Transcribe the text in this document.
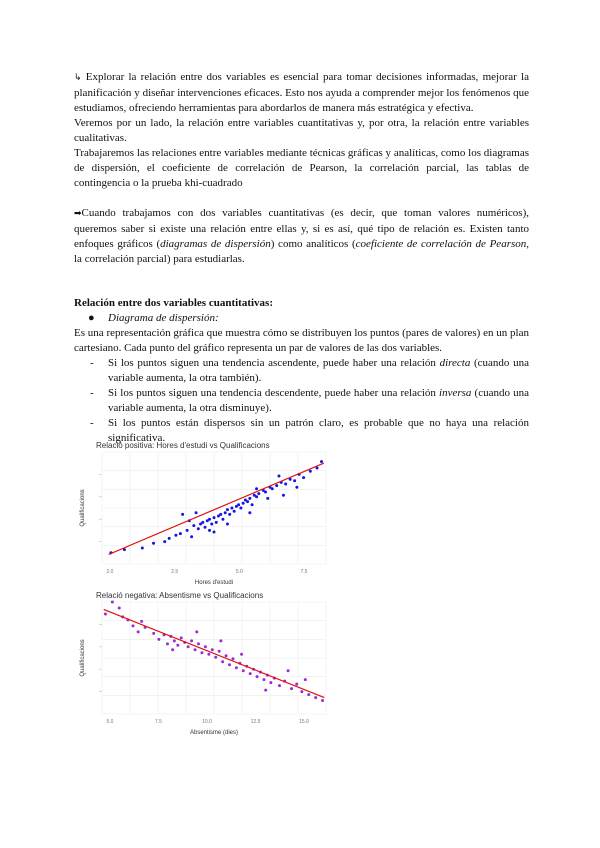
↳ Explorar la relación entre dos variables es esencial para tomar decisiones informadas, mejorar la planificación y diseñar intervenciones eficaces. Esto nos ayuda a comprender mejor los fenómenos que estudiamos, ofreciendo herramientas para abordarlos de manera más estratégica y efectiva.

Veremos por un lado, la relación entre variables cuantitativas y, por otra, la relación entre variables cualitativas.

Trabajaremos las relaciones entre variables mediante técnicas gráficas y analíticas, como los diagramas de dispersión, el coeficiente de correlación de Pearson, la correlación parcial, las tablas de contingencia o la prueba khi-cuadrado

➡Cuando trabajamos con dos variables cuantitativas (es decir, que toman valores numéricos), queremos saber si existe una relación entre ellas y, si es así, qué tipo de relación es. Existen tanto enfoques gráficos (diagramas de dispersión) como analíticos (coeficiente de correlación de Pearson, la correlación parcial) para estudiarlas.

Relación entre dos variables cuantitativas:

● Diagrama de dispersión:

Es una representación gráfica que muestra cómo se distribuyen los puntos (pares de valores) en un plan cartesiano. Cada punto del gráfico representa un par de valores de las dos variables.

- Si los puntos siguen una tendencia ascendente, puede haber una relación directa (cuando una variable aumenta, la otra también).
- Si los puntos siguen una tendencia descendente, puede haber una relación inversa (cuando una variable aumenta, la otra disminuye).
- Si los puntos están dispersos sin un patrón claro, es probable que no haya una relación significativa.
Relació positiva: Hores d'estudi vs Qualificacions
2.0	2.5	5.0	7.5
Hores d'estudi
Qualificacions
Relació negativa: Absentisme vs Qualificacions
5.0	7.5	10.0	12.5	15.0
Absentisme (dies)
Qualificacions
